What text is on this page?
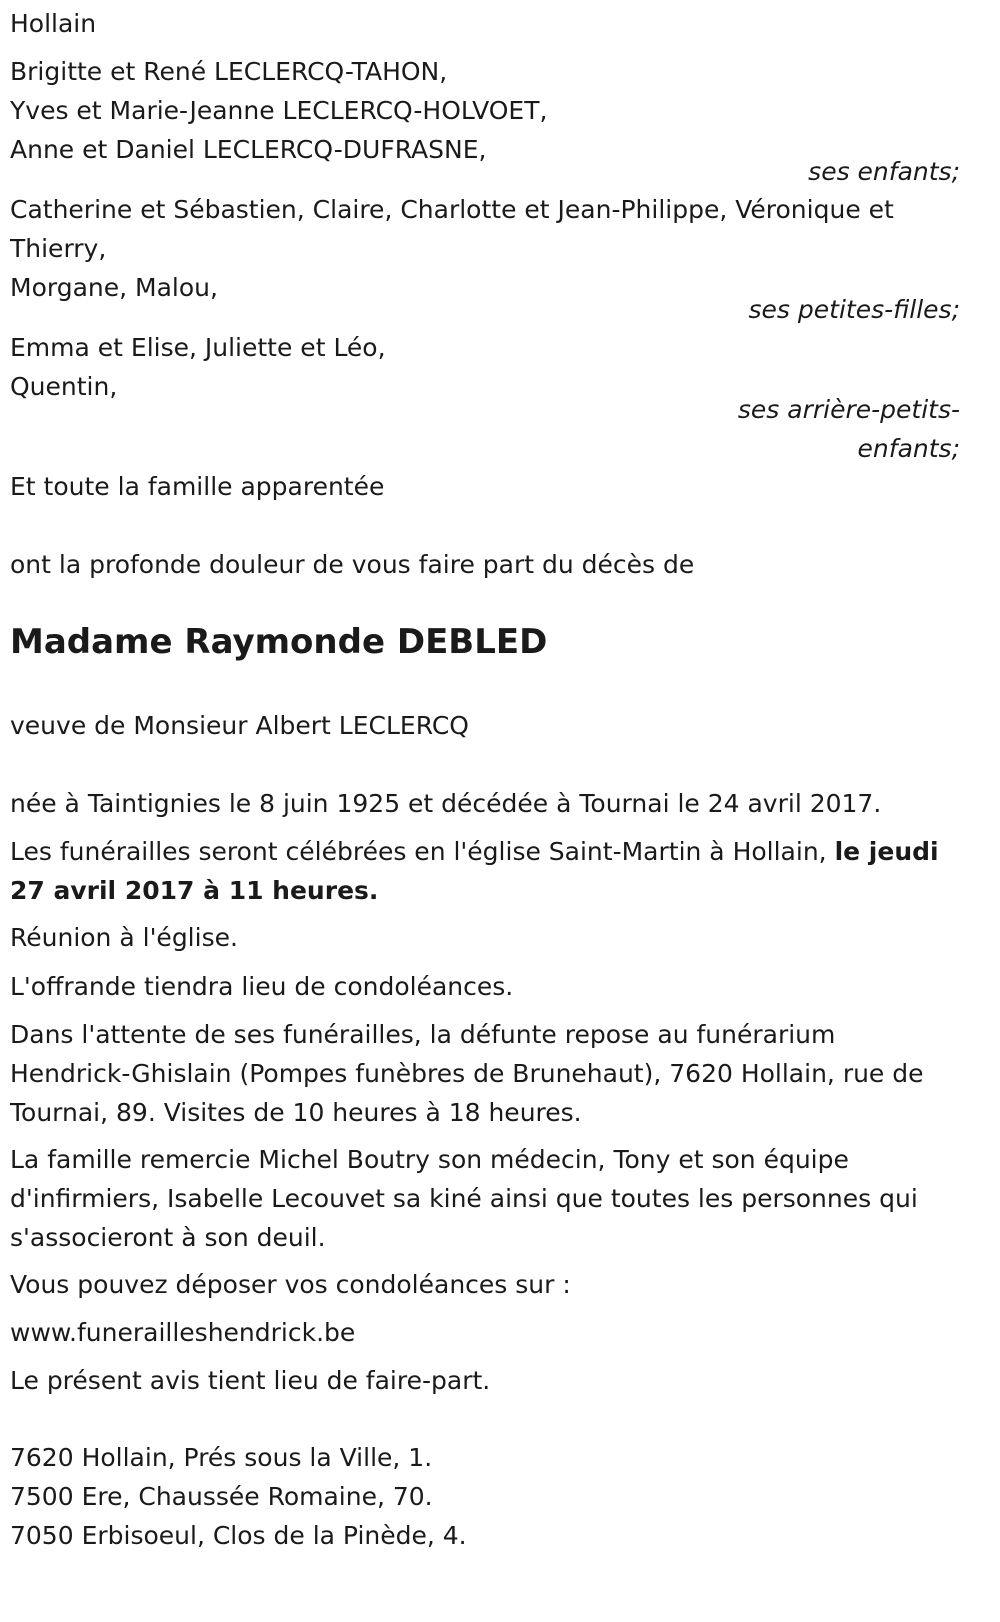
Hollain
Brigitte et René LECLERCQ-TAHON,
Yves et Marie-Jeanne LECLERCQ-HOLVOET,
Anne et Daniel LECLERCQ-DUFRASNE,
ses enfants;
Catherine et Sébastien, Claire, Charlotte et Jean-Philippe, Véronique et Thierry,
Morgane, Malou,
ses petites-filles;
Emma et Elise, Juliette et Léo,
Quentin,
ses arrière-petits-
enfants;
Et toute la famille apparentée
ont la profonde douleur de vous faire part du décès de
Madame Raymonde DEBLED
veuve de Monsieur Albert LECLERCQ
née à Taintignies le 8 juin 1925 et décédée à Tournai le 24 avril 2017.
Les funérailles seront célébrées en l'église Saint-Martin à Hollain, le jeudi 27 avril 2017 à 11 heures.
Réunion à l'église.
L'offrande tiendra lieu de condoléances.
Dans l'attente de ses funérailles, la défunte repose au funérarium Hendrick-Ghislain (Pompes funèbres de Brunehaut), 7620 Hollain, rue de Tournai, 89. Visites de 10 heures à 18 heures.
La famille remercie Michel Boutry son médecin, Tony et son équipe d'infirmiers, Isabelle Lecouvet sa kiné ainsi que toutes les personnes qui s'associeront à son deuil.
Vous pouvez déposer vos condoléances sur :
www.funerailleshendrick.be
Le présent avis tient lieu de faire-part.
7620 Hollain, Prés sous la Ville, 1.
7500 Ere, Chaussée Romaine, 70.
7050 Erbisoeul, Clos de la Pinède, 4.
